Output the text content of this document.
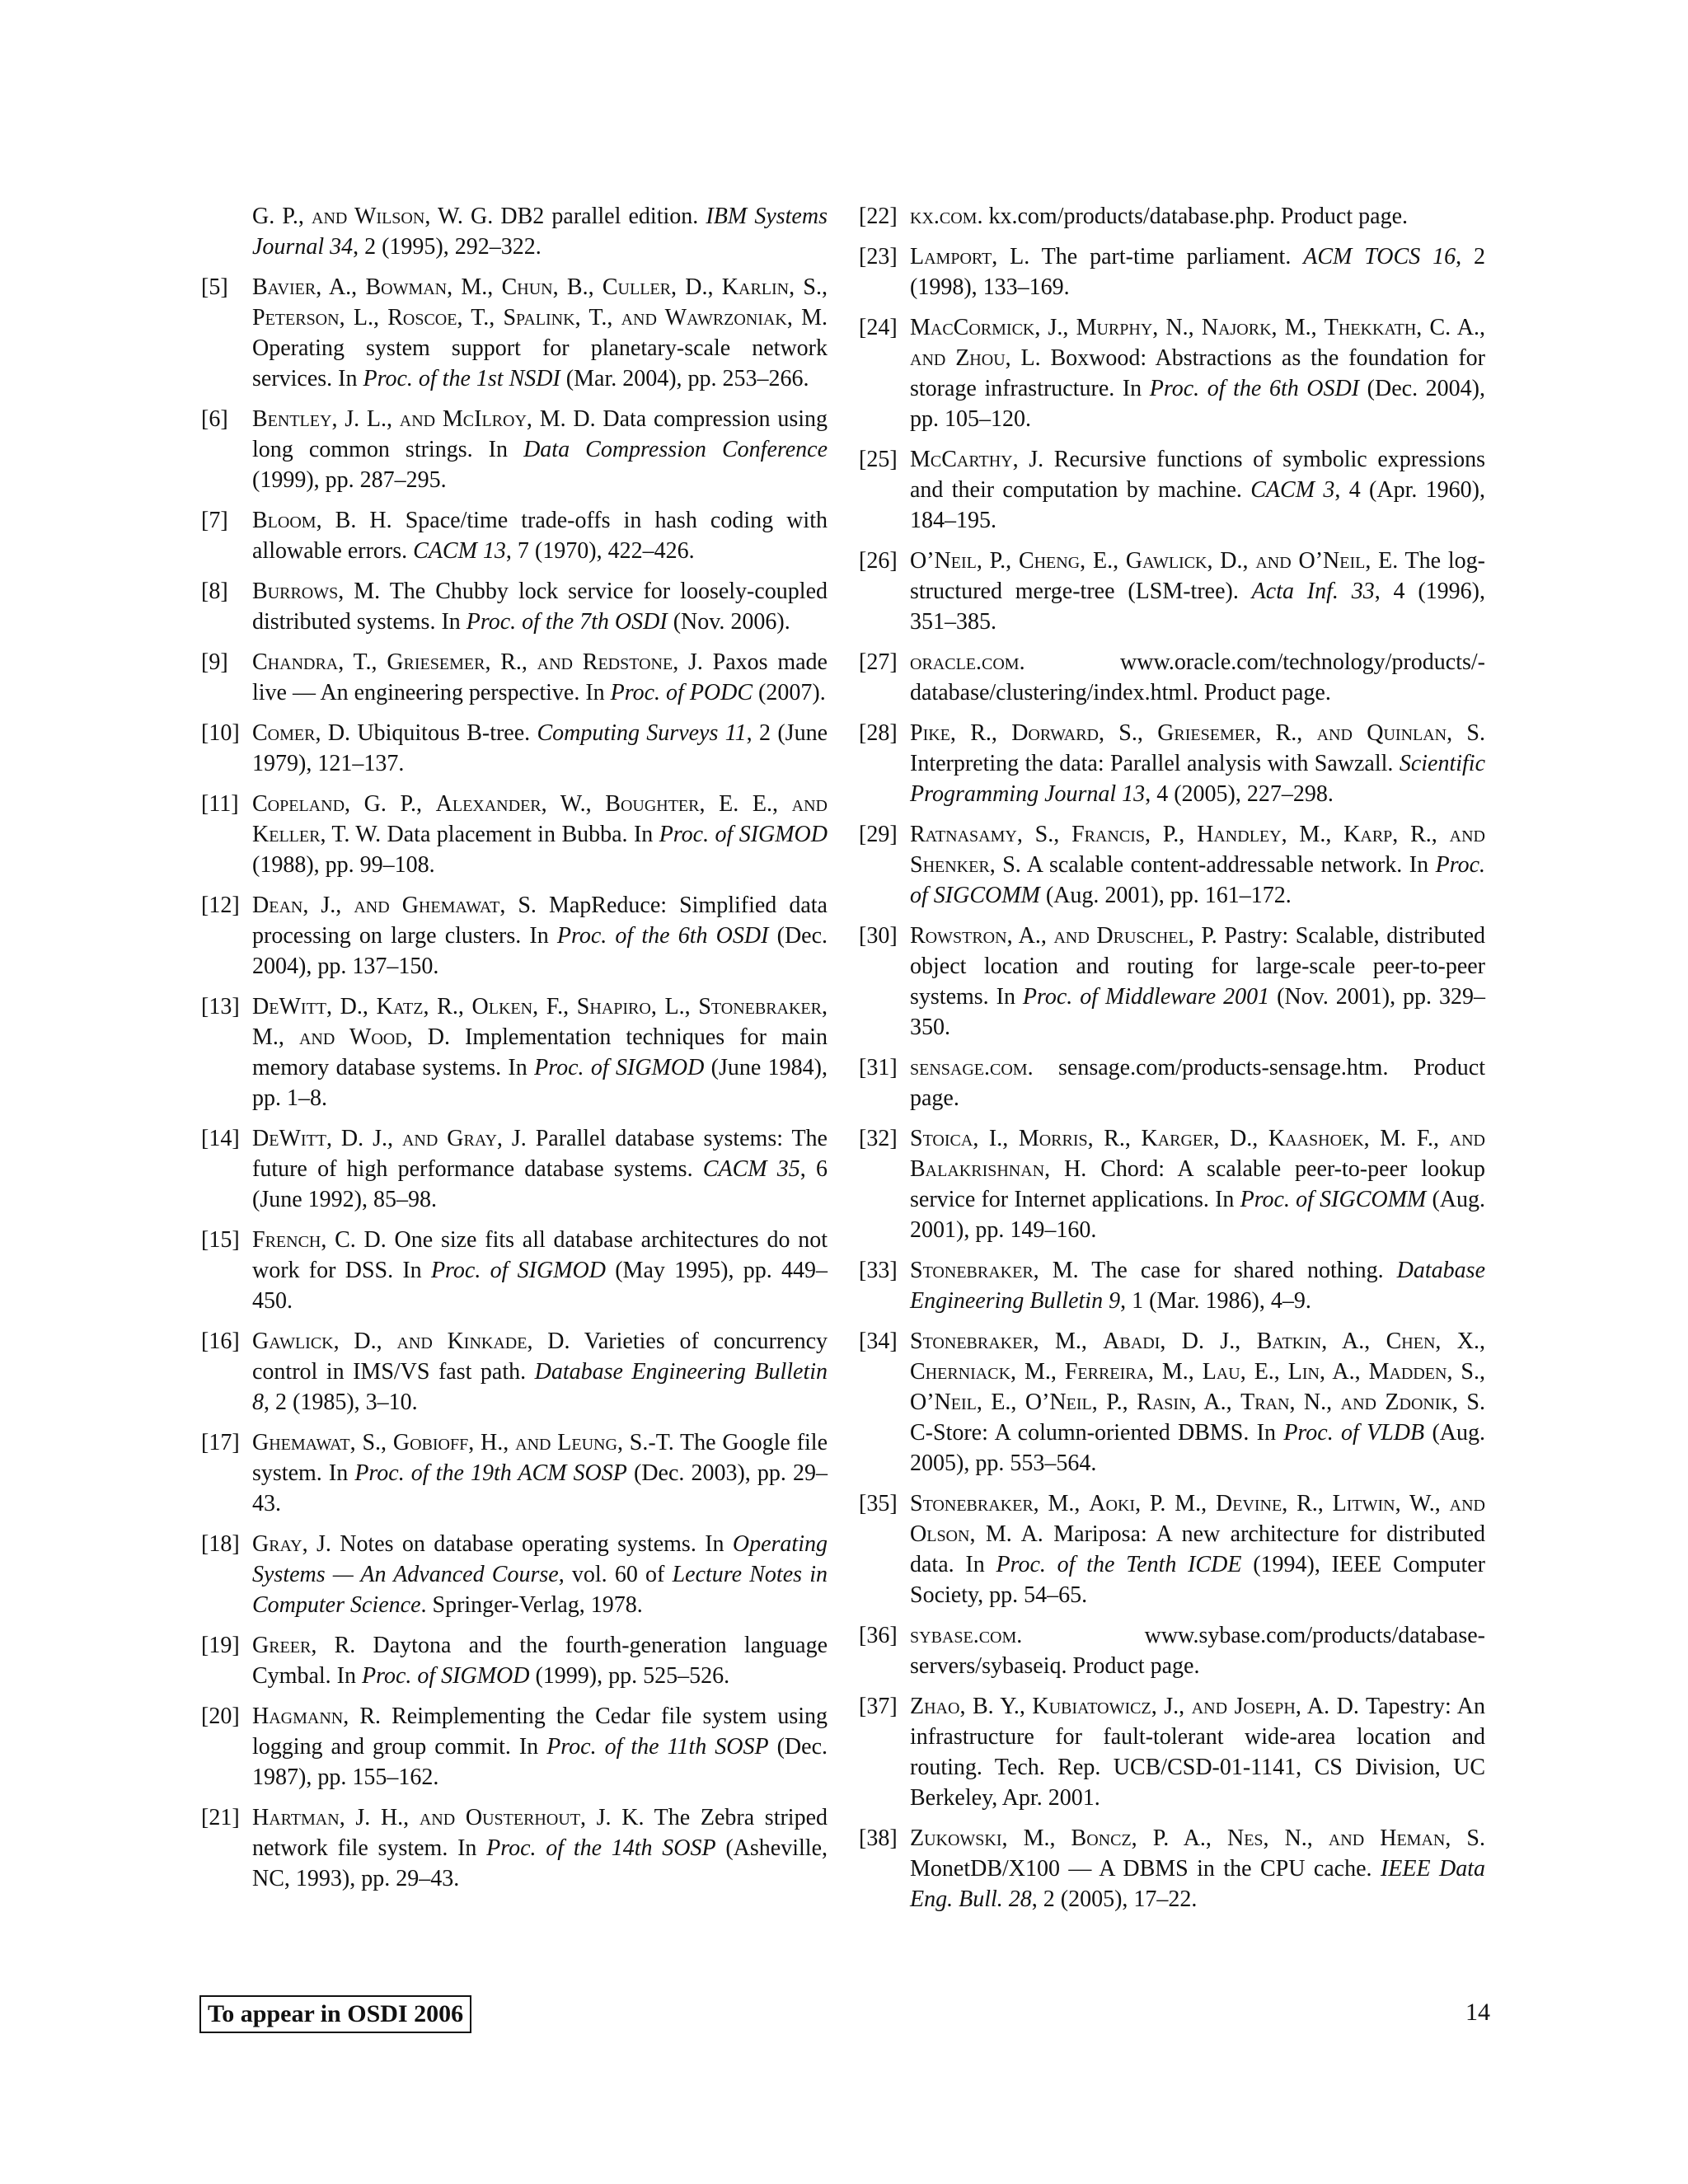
G. P., and Wilson, W. G. DB2 parallel edition. IBM Systems Journal 34, 2 (1995), 292–322.
[5]	Bavier, A., Bowman, M., Chun, B., Culler, D., Karlin, S., Peterson, L., Roscoe, T., Spalink, T., and Wawrzoniak, M. Operating system support for planetary-scale network services. In Proc. of the 1st NSDI (Mar. 2004), pp. 253–266.
[6]	Bentley, J. L., and McIlroy, M. D. Data compression using long common strings. In Data Compression Conference (1999), pp. 287–295.
[7]	Bloom, B. H. Space/time trade-offs in hash coding with allowable errors. CACM 13, 7 (1970), 422–426.
[8]	Burrows, M. The Chubby lock service for loosely-coupled distributed systems. In Proc. of the 7th OSDI (Nov. 2006).
[9]	Chandra, T., Griesemer, R., and Redstone, J. Paxos made live — An engineering perspective. In Proc. of PODC (2007).
[10] Comer, D. Ubiquitous B-tree. Computing Surveys 11, 2 (June 1979), 121–137.
[11] Copeland, G. P., Alexander, W., Boughter, E. E., and Keller, T. W. Data placement in Bubba. In Proc. of SIGMOD (1988), pp. 99–108.
[12] Dean, J., and Ghemawat, S. MapReduce: Simplified data processing on large clusters. In Proc. of the 6th OSDI (Dec. 2004), pp. 137–150.
[13] DeWitt, D., Katz, R., Olken, F., Shapiro, L., Stonebraker, M., and Wood, D. Implementation techniques for main memory database systems. In Proc. of SIGMOD (June 1984), pp. 1–8.
[14] DeWitt, D. J., and Gray, J. Parallel database systems: The future of high performance database systems. CACM 35, 6 (June 1992), 85–98.
[15] French, C. D. One size fits all database architectures do not work for DSS. In Proc. of SIGMOD (May 1995), pp. 449–450.
[16] Gawlick, D., and Kinkade, D. Varieties of concurrency control in IMS/VS fast path. Database Engineering Bulletin 8, 2 (1985), 3–10.
[17] Ghemawat, S., Gobioff, H., and Leung, S.-T. The Google file system. In Proc. of the 19th ACM SOSP (Dec. 2003), pp. 29–43.
[18] Gray, J. Notes on database operating systems. In Operating Systems — An Advanced Course, vol. 60 of Lecture Notes in Computer Science. Springer-Verlag, 1978.
[19] Greer, R. Daytona and the fourth-generation language Cymbal. In Proc. of SIGMOD (1999), pp. 525–526.
[20] Hagmann, R. Reimplementing the Cedar file system using logging and group commit. In Proc. of the 11th SOSP (Dec. 1987), pp. 155–162.
[21] Hartman, J. H., and Ousterhout, J. K. The Zebra striped network file system. In Proc. of the 14th SOSP (Asheville, NC, 1993), pp. 29–43.
[22] kx.com. kx.com/products/database.php. Product page.
[23] Lamport, L. The part-time parliament. ACM TOCS 16, 2 (1998), 133–169.
[24] MacCormick, J., Murphy, N., Najork, M., Thekkath, C. A., and Zhou, L. Boxwood: Abstractions as the foundation for storage infrastructure. In Proc. of the 6th OSDI (Dec. 2004), pp. 105–120.
[25] McCarthy, J. Recursive functions of symbolic expressions and their computation by machine. CACM 3, 4 (Apr. 1960), 184–195.
[26] O’Neil, P., Cheng, E., Gawlick, D., and O’Neil, E. The log-structured merge-tree (LSM-tree). Acta Inf. 33, 4 (1996), 351–385.
[27] oracle.com. www.oracle.com/technology/products/-database/clustering/index.html. Product page.
[28] Pike, R., Dorward, S., Griesemer, R., and Quinlan, S. Interpreting the data: Parallel analysis with Sawzall. Scientific Programming Journal 13, 4 (2005), 227–298.
[29] Ratnasamy, S., Francis, P., Handley, M., Karp, R., and Shenker, S. A scalable content-addressable network. In Proc. of SIGCOMM (Aug. 2001), pp. 161–172.
[30] Rowstron, A., and Druschel, P. Pastry: Scalable, distributed object location and routing for large-scale peer-to-peer systems. In Proc. of Middleware 2001 (Nov. 2001), pp. 329–350.
[31] sensage.com. sensage.com/products-sensage.htm. Product page.
[32] Stoica, I., Morris, R., Karger, D., Kaashoek, M. F., and Balakrishnan, H. Chord: A scalable peer-to-peer lookup service for Internet applications. In Proc. of SIGCOMM (Aug. 2001), pp. 149–160.
[33] Stonebraker, M. The case for shared nothing. Database Engineering Bulletin 9, 1 (Mar. 1986), 4–9.
[34] Stonebraker, M., Abadi, D. J., Batkin, A., Chen, X., Cherniack, M., Ferreira, M., Lau, E., Lin, A., Madden, S., O’Neil, E., O’Neil, P., Rasin, A., Tran, N., and Zdonik, S. C-Store: A column-oriented DBMS. In Proc. of VLDB (Aug. 2005), pp. 553–564.
[35] Stonebraker, M., Aoki, P. M., Devine, R., Litwin, W., and Olson, M. A. Mariposa: A new architecture for distributed data. In Proc. of the Tenth ICDE (1994), IEEE Computer Society, pp. 54–65.
[36] sybase.com. www.sybase.com/products/database-servers/sybaseiq. Product page.
[37] Zhao, B. Y., Kubiatowicz, J., and Joseph, A. D. Tapestry: An infrastructure for fault-tolerant wide-area location and routing. Tech. Rep. UCB/CSD-01-1141, CS Division, UC Berkeley, Apr. 2001.
[38] Zukowski, M., Boncz, P. A., Nes, N., and Heman, S. MonetDB/X100 — A DBMS in the CPU cache. IEEE Data Eng. Bull. 28, 2 (2005), 17–22.
To appear in OSDI 2006	14
